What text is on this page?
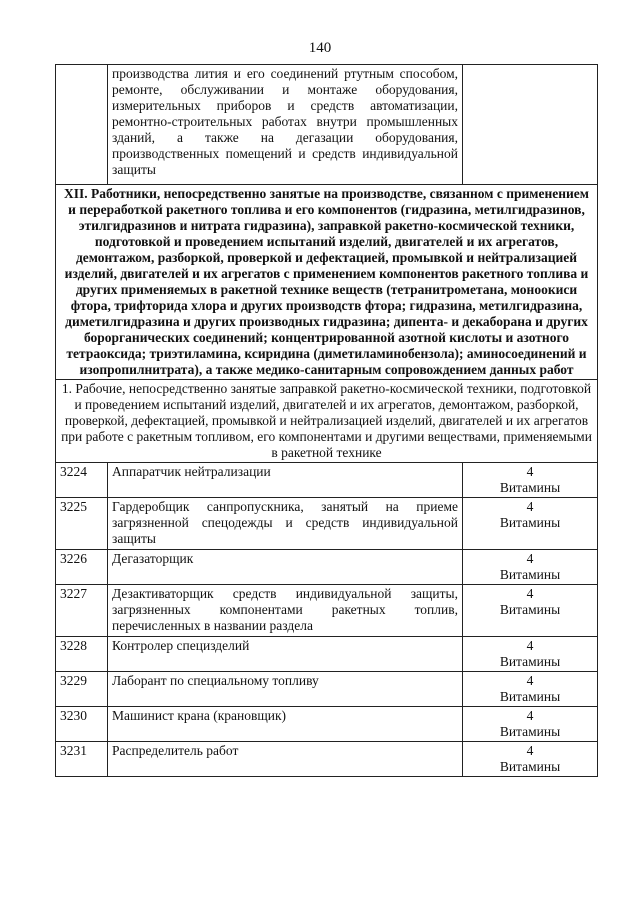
140
	производства лития и его соединений ртутным способом, ремонте, обслуживании и монтаже оборудования, измерительных приборов и средств автоматизации, ремонтно-строительных работах внутри промышленных зданий, а также на дегазации оборудования, производственных помещений и средств индивидуальной защиты	
XII. Работники, непосредственно занятые на производстве, связанном с применением и переработкой ракетного топлива и его компонентов (гидразина, метилгидразинов, этилгидразинов и нитрата гидразина), заправкой ракетно-космической техники, подготовкой и проведением испытаний изделий, двигателей и их агрегатов, демонтажом, разборкой, проверкой и дефектацией, промывкой и нейтрализацией изделий, двигателей и их агрегатов с применением компонентов ракетного топлива и других применяемых в ракетной технике веществ (тетранитрометана, моноокиси фтора, трифторида хлора и других производств фтора; гидразина, метилгидразина, диметилгидразина и других производных гидразина; дипента- и декаборана и других борорганических соединений; концентрированной азотной кислоты и азотного тетраоксида; триэтиламина, ксиридина (диметиламинобензола); аминосоединений и изопропилнитрата), а также медико-санитарным сопровождением данных работ		
1. Рабочие, непосредственно занятые заправкой ракетно-космической техники, подготовкой и проведением испытаний изделий, двигателей и их агрегатов, демонтажом, разборкой, проверкой, дефектацией, промывкой и нейтрализацией изделий, двигателей и их агрегатов при работе с ракетным топливом, его компонентами и другими веществами, применяемыми в ракетной технике		
3224	Аппаратчик нейтрализации	4
Витамины

3225	Гардеробщик санпропускника, занятый на приеме загрязненной спецодежды и средств индивидуальной защиты	4
Витамины

3226	Дегазаторщик	4
Витамины

3227	Дезактиваторщик средств индивидуальной защиты, загрязненных компонентами ракетных топлив, перечисленных в названии раздела	4
Витамины

3228	Контролер специзделий	4
Витамины

3229	Лаборант по специальному топливу	4
Витамины

3230	Машинист крана (крановщик)	4
Витамины

3231	Распределитель работ	4
Витамины
